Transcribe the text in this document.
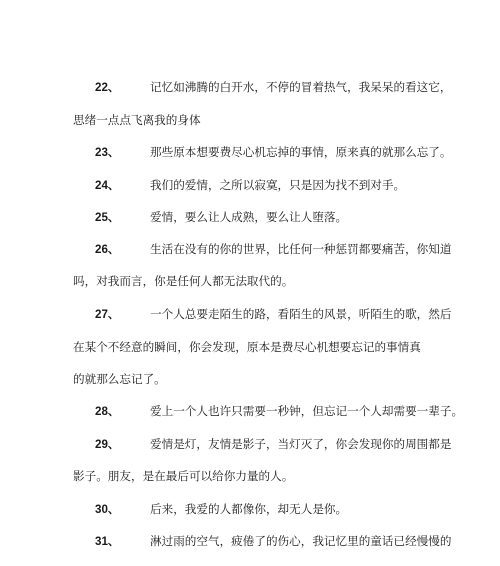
22、	记忆如沸腾的白开水，不停的冒着热气，我呆呆的看这它，
思绪一点点飞离我的身体
23、	那些原本想要费尽心机忘掉的事情，原来真的就那么忘了。
24、	我们的爱情，之所以寂寞，只是因为找不到对手。
25、	爱情，要么让人成熟，要么让人堕落。
26、	生活在没有的你的世界，比任何一种惩罚都要痛苦，你知道
吗，对我而言，你是任何人都无法取代的。
27、	一个人总要走陌生的路，看陌生的风景，听陌生的歌，然后
在某个不经意的瞬间，你会发现，原本是费尽心机想要忘记的事情真
的就那么忘记了。
28、	爱上一个人也许只需要一秒钟，但忘记一个人却需要一辈子。
29、	爱情是灯，友情是影子，当灯灭了，你会发现你的周围都是
影子。朋友，是在最后可以给你力量的人。
30、	后来，我爱的人都像你，却无人是你。
31、	淋过雨的空气，疲倦了的伤心，我记忆里的童话已经慢慢的
